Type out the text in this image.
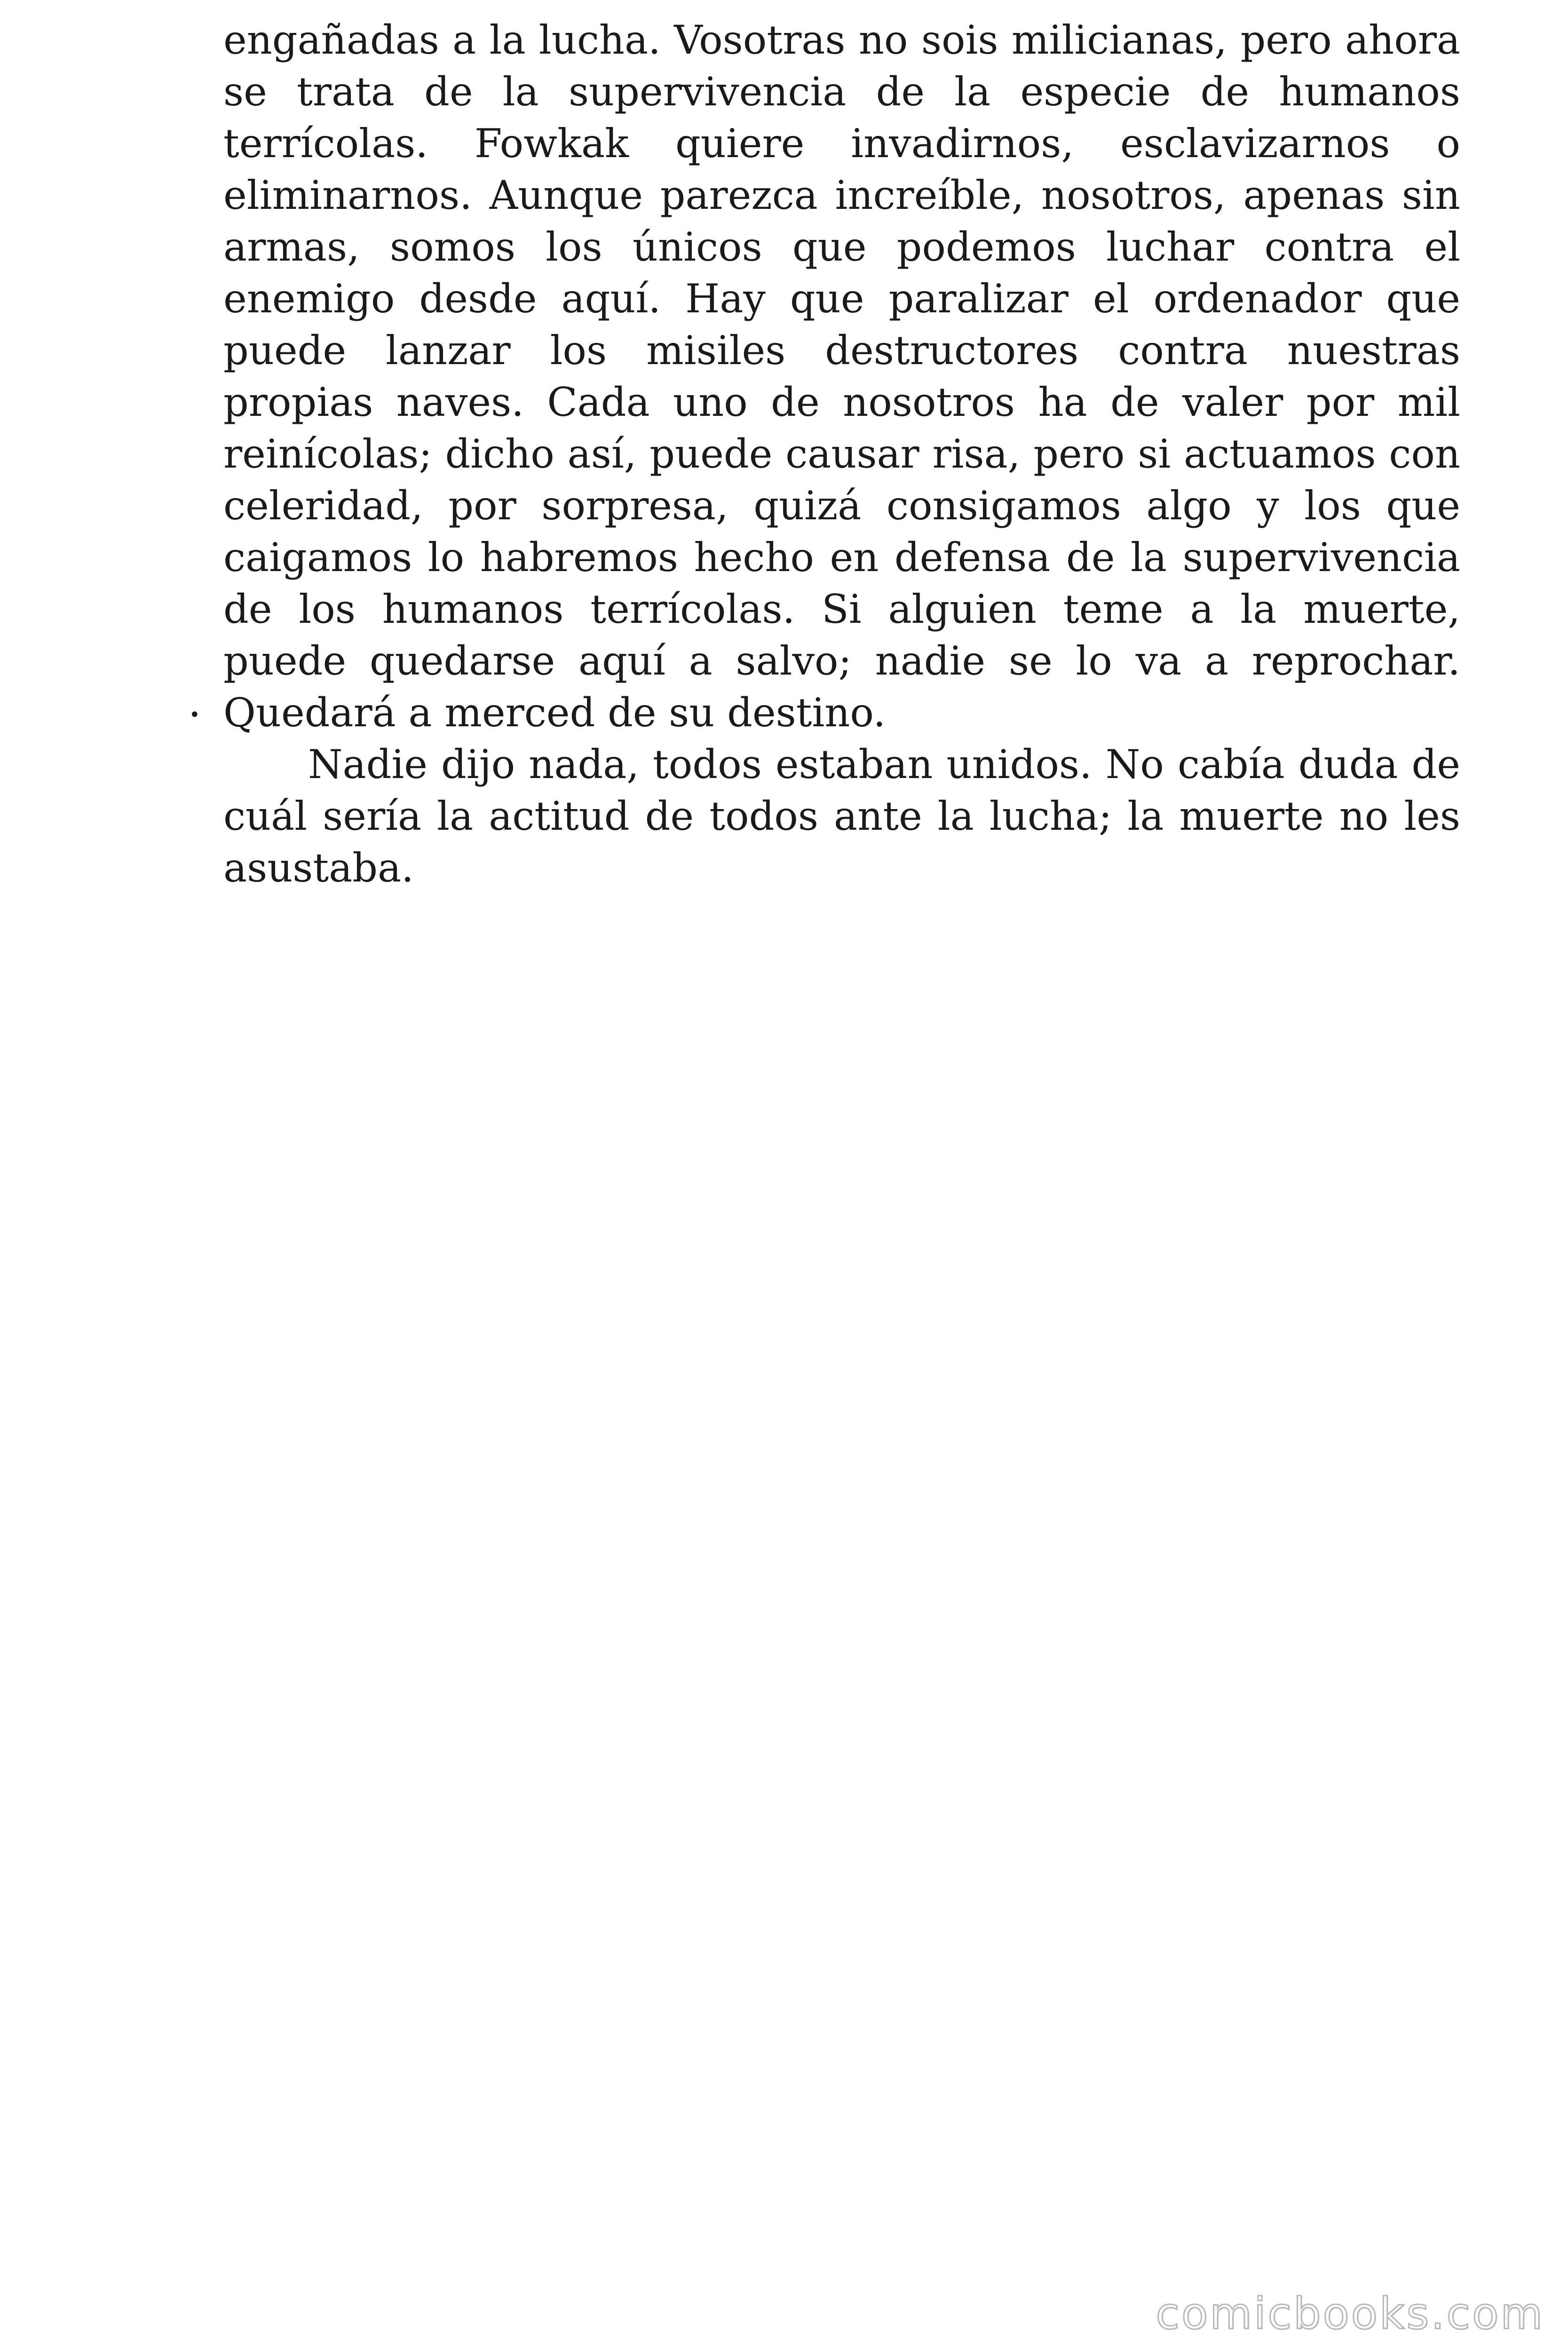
engañadas a la lucha. Vosotras no sois milicianas, pero ahora se trata de la supervivencia de la especie de humanos terrícolas. Fowkak quiere invadirnos, esclavizarnos o eliminarnos. Aunque parezca increíble, nosotros, apenas sin armas, somos los únicos que podemos luchar contra el enemigo desde aquí. Hay que paralizar el ordenador que puede lanzar los misiles destructores contra nuestras propias naves. Cada uno de nosotros ha de valer por mil reinícolas; dicho así, puede causar risa, pero si actuamos con celeridad, por sorpresa, quizá consigamos algo y los que caigamos lo habremos hecho en defensa de la supervivencia de los humanos terrícolas. Si alguien teme a la muerte, puede quedarse aquí a salvo; nadie se lo va a reprochar. Quedará a merced de su destino.

Nadie dijo nada, todos estaban unidos. No cabía duda de cuál sería la actitud de todos ante la lucha; la muerte no les asustaba.

•
comicbooks.com
